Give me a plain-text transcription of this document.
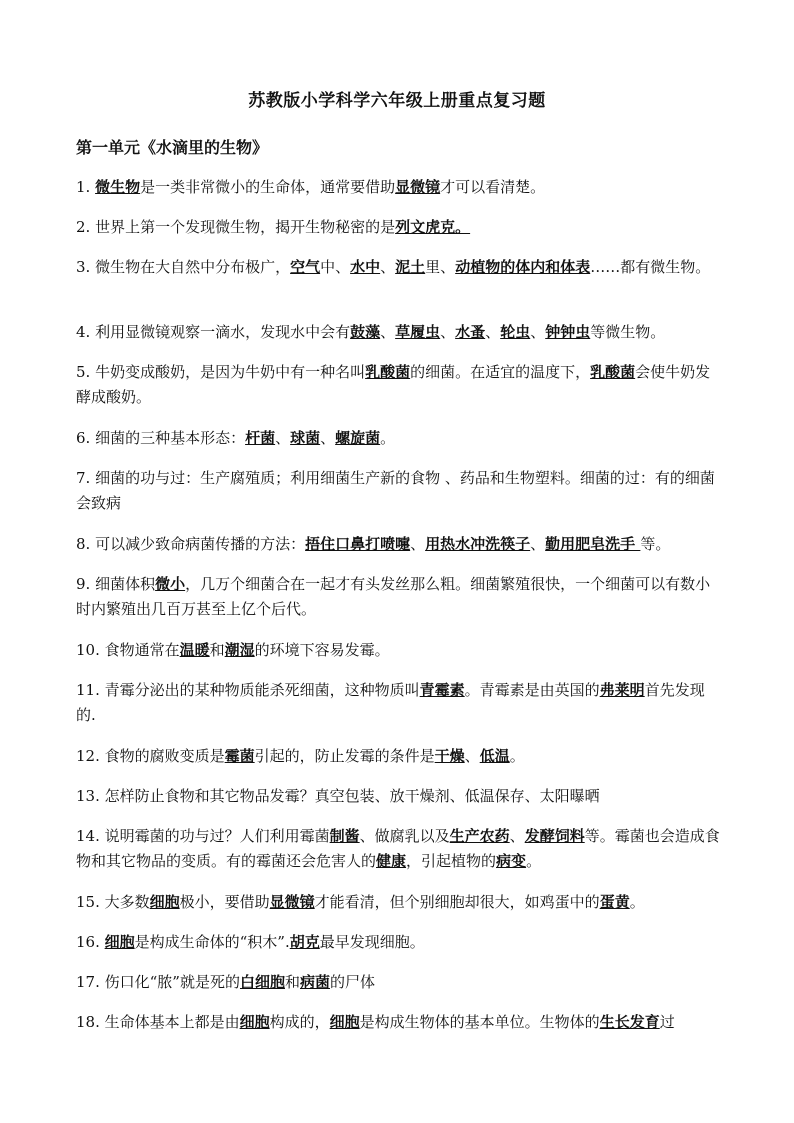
苏教版小学科学六年级上册重点复习题
第一单元《水滴里的生物》
1. 微生物是一类非常微小的生命体，通常要借助显微镜才可以看清楚。
2. 世界上第一个发现微生物，揭开生物秘密的是列文虎克。
3. 微生物在大自然中分布极广，空气中、水中、泥土里、动植物的体内和体表……都有微生物。
4. 利用显微镜观察一滴水，发现水中会有鼓藻、草履虫、水蚤、轮虫、钟钟虫等微生物。
5. 牛奶变成酸奶，是因为牛奶中有一种名叫乳酸菌的细菌。在适宜的温度下，乳酸菌会使牛奶发酵成酸奶。
6. 细菌的三种基本形态：杆菌、球菌、螺旋菌。
7. 细菌的功与过：生产腐殖质；利用细菌生产新的食物 、药品和生物塑料。细菌的过：有的细菌会致病
8. 可以减少致命病菌传播的方法：捂住口鼻打喷嚏、用热水冲洗筷子、勤用肥皂洗手 等。
9. 细菌体积微小，几万个细菌合在一起才有头发丝那么粗。细菌繁殖很快，一个细菌可以有数小时内繁殖出几百万甚至上亿个后代。
10. 食物通常在温暖和潮湿的环境下容易发霉。
11. 青霉分泌出的某种物质能杀死细菌，这种物质叫青霉素。青霉素是由英国的弗莱明首先发现的.
12. 食物的腐败变质是霉菌引起的，防止发霉的条件是干燥、低温。
13. 怎样防止食物和其它物品发霉？真空包装、放干燥剂、低温保存、太阳曝晒
14. 说明霉菌的功与过？人们利用霉菌制酱、做腐乳以及生产农药、发酵饲料等。霉菌也会造成食物和其它物品的变质。有的霉菌还会危害人的健康，引起植物的病变。
15. 大多数细胞极小，要借助显微镜才能看清，但个别细胞却很大，如鸡蛋中的蛋黄。
16. 细胞是构成生命体的“积木”.胡克最早发现细胞。
17. 伤口化“脓”就是死的白细胞和病菌的尸体
18. 生命体基本上都是由细胞构成的，细胞是构成生物体的基本单位。生物体的生长发育过
